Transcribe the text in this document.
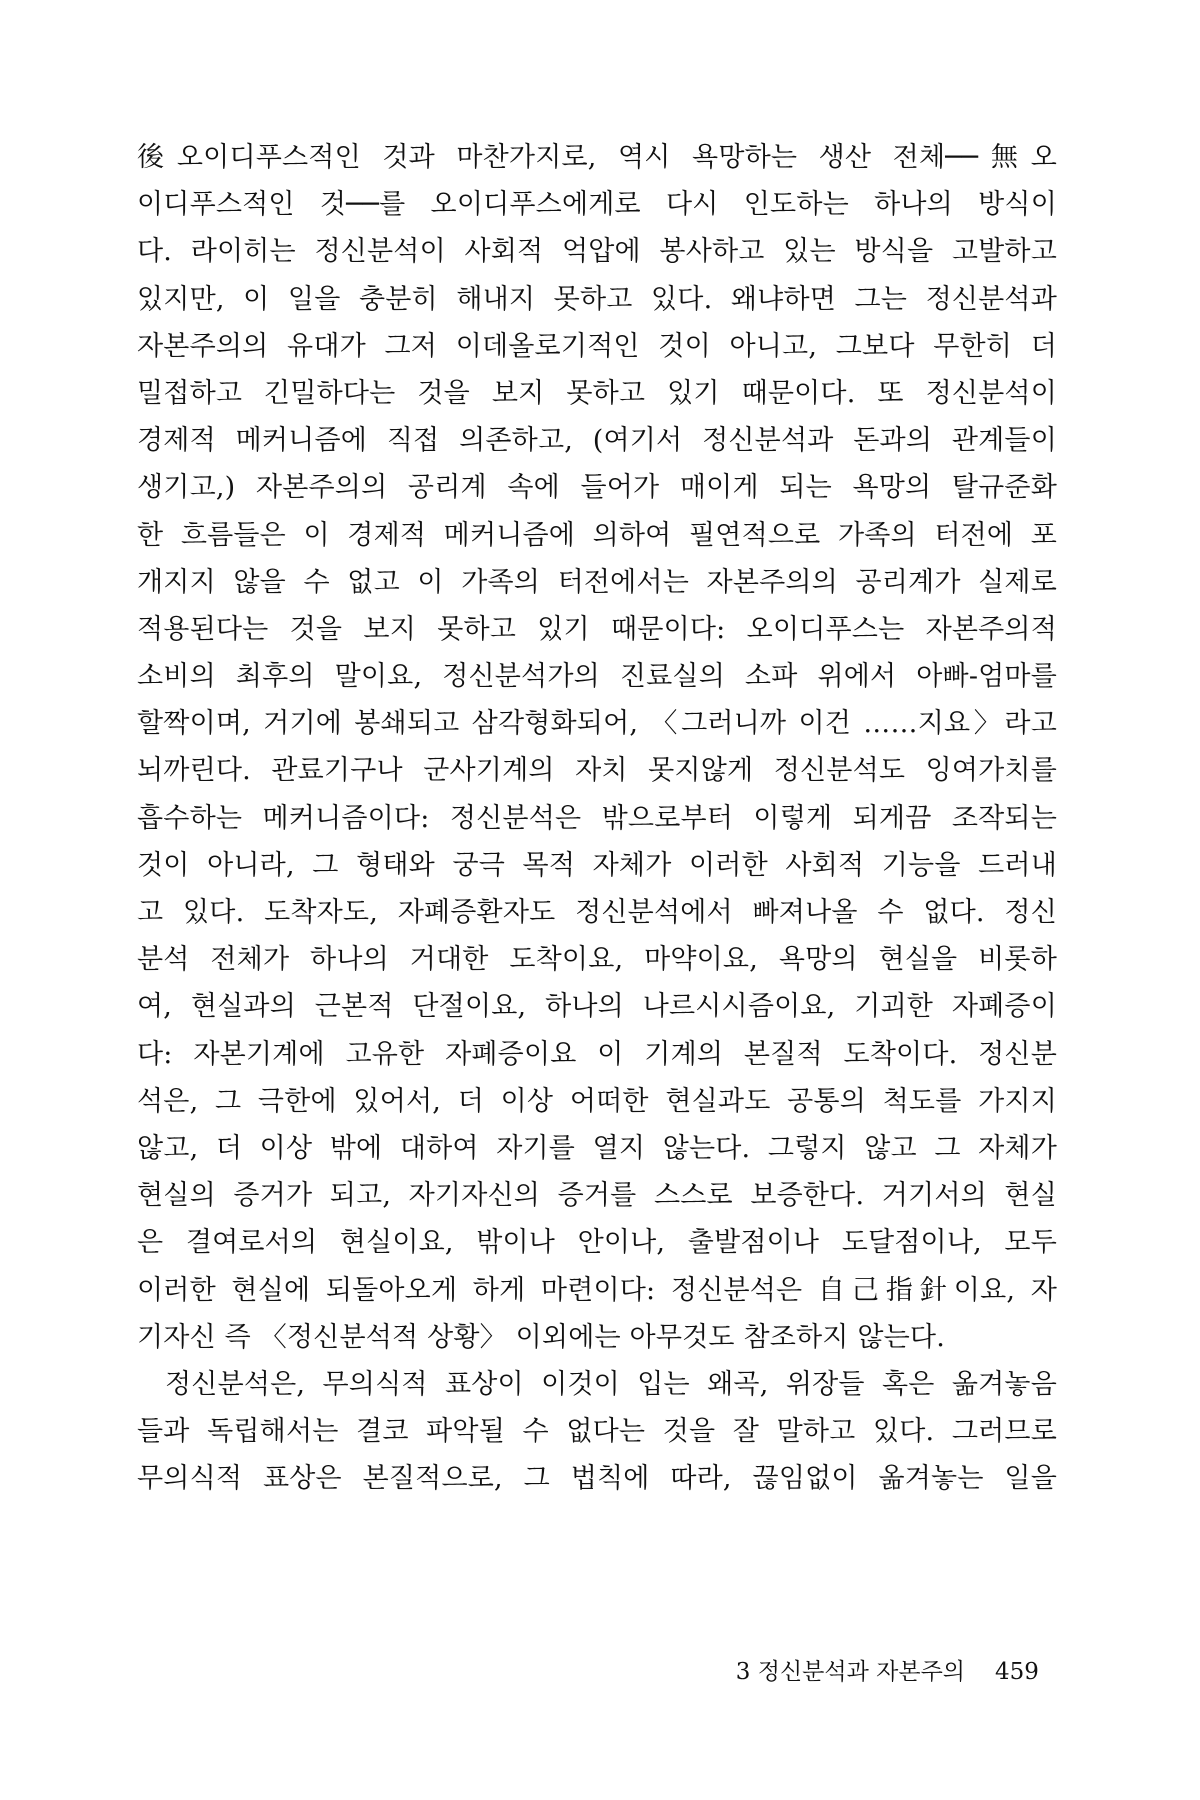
後오이디푸스적인 것과 마찬가지로, 역시 욕망하는 생산 전체──無오
이디푸스적인 것──를 오이디푸스에게로 다시 인도하는 하나의 방식이
다. 라이히는 정신분석이 사회적 억압에 봉사하고 있는 방식을 고발하고
있지만, 이 일을 충분히 해내지 못하고 있다. 왜냐하면 그는 정신분석과
자본주의의 유대가 그저 이데올로기적인 것이 아니고, 그보다 무한히 더
밀접하고 긴밀하다는 것을 보지 못하고 있기 때문이다. 또 정신분석이
경제적 메커니즘에 직접 의존하고, (여기서 정신분석과 돈과의 관계들이
생기고,) 자본주의의 공리계 속에 들어가 매이게 되는 욕망의 탈규준화
한 흐름들은 이 경제적 메커니즘에 의하여 필연적으로 가족의 터전에 포
개지지 않을 수 없고 이 가족의 터전에서는 자본주의의 공리계가 실제로
적용된다는 것을 보지 못하고 있기 때문이다: 오이디푸스는 자본주의적
소비의 최후의 말이요, 정신분석가의 진료실의 소파 위에서 아빠-엄마를
할짝이며, 거기에 봉쇄되고 삼각형화되어, 〈그러니까 이건 ……지요〉라고
뇌까린다. 관료기구나 군사기계의 자치 못지않게 정신분석도 잉여가치를
흡수하는 메커니즘이다: 정신분석은 밖으로부터 이렇게 되게끔 조작되는
것이 아니라, 그 형태와 궁극 목적 자체가 이러한 사회적 기능을 드러내
고 있다. 도착자도, 자폐증환자도 정신분석에서 빠져나올 수 없다. 정신
분석 전체가 하나의 거대한 도착이요, 마약이요, 욕망의 현실을 비롯하
여, 현실과의 근본적 단절이요, 하나의 나르시시즘이요, 기괴한 자폐증이
다: 자본기계에 고유한 자폐증이요 이 기계의 본질적 도착이다. 정신분
석은, 그 극한에 있어서, 더 이상 어떠한 현실과도 공통의 척도를 가지지
않고, 더 이상 밖에 대하여 자기를 열지 않는다. 그렇지 않고 그 자체가
현실의 증거가 되고, 자기자신의 증거를 스스로 보증한다. 거기서의 현실
은 결여로서의 현실이요, 밖이나 안이나, 출발점이나 도달점이나, 모두
이러한 현실에 되돌아오게 하게 마련이다: 정신분석은 自己指針이요, 자
기자신 즉 〈정신분석적 상황〉 이외에는 아무것도 참조하지 않는다.
정신분석은, 무의식적 표상이 이것이 입는 왜곡, 위장들 혹은 옮겨놓음
들과 독립해서는 결코 파악될 수 없다는 것을 잘 말하고 있다. 그러므로
무의식적 표상은 본질적으로, 그 법칙에 따라, 끊임없이 옮겨놓는 일을
3 정신분석과 자본주의 459
